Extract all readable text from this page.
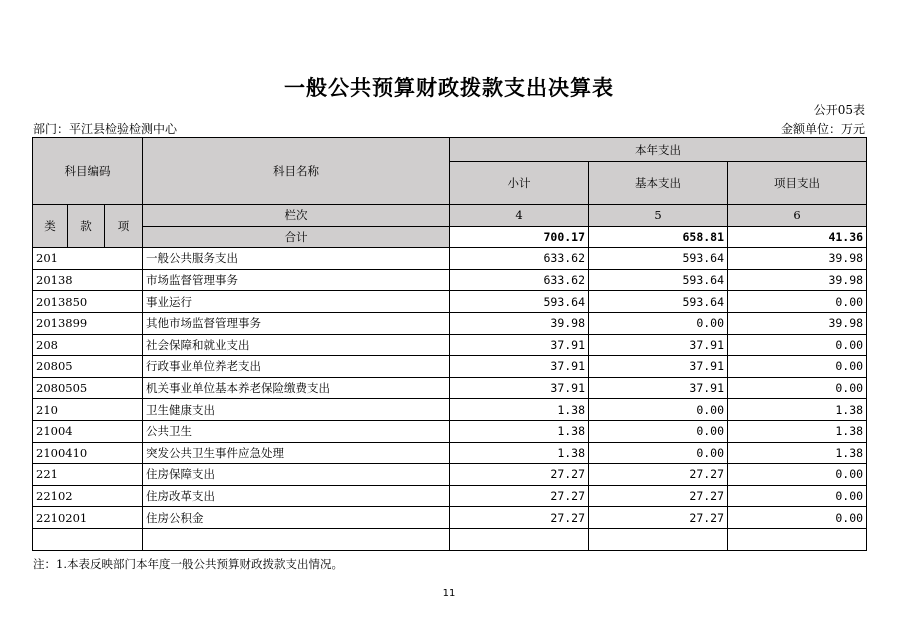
一般公共预算财政拨款支出决算表
公开05表
部门：平江县检验检测中心	金额单位：万元
科目编码			科目名称	本年支出		
				小计	基本支出	项目支出

类	款	项	栏次	4	5	6
			合计	700.17	658.81	41.36
201			一般公共服务支出	633.62	593.64	39.98
20138			市场监督管理事务	633.62	593.64	39.98
2013850			事业运行	593.64	593.64	0.00
2013899			其他市场监督管理事务	39.98	0.00	39.98
208			社会保障和就业支出	37.91	37.91	0.00
20805			行政事业单位养老支出	37.91	37.91	0.00
2080505			机关事业单位基本养老保险缴费支出	37.91	37.91	0.00
210			卫生健康支出	1.38	0.00	1.38
21004			公共卫生	1.38	0.00	1.38
2100410			突发公共卫生事件应急处理	1.38	0.00	1.38
221			住房保障支出	27.27	27.27	0.00
22102			住房改革支出	27.27	27.27	0.00
2210201			住房公积金	27.27	27.27	0.00

注：1.本表反映部门本年度一般公共预算财政拨款支出情况。
11
